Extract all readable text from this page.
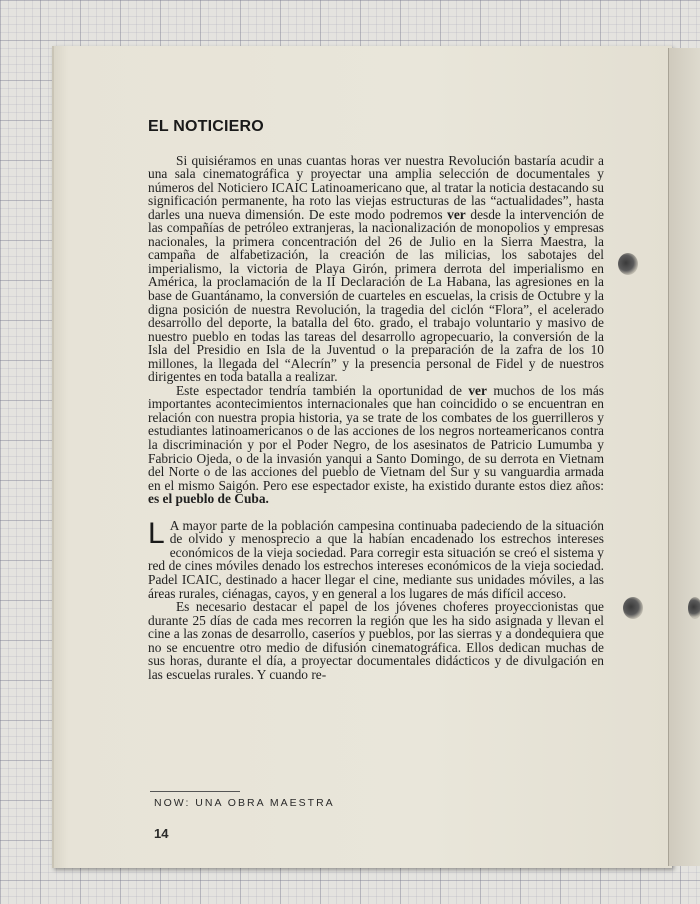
EL NOTICIERO

Si quisiéramos en unas cuantas horas ver nuestra Revolución bastaría acudir a una sala cinematográfica y proyectar una amplia selección de documentales y números del Noticiero ICAIC Latinoamericano que, al tratar la noticia destacando su significación permanente, ha roto las viejas estructuras de las “actualidades”, hasta darles una nueva dimensión. De este modo podremos ver desde la intervención de las compañías de petróleo extranjeras, la nacionalización de monopolios y empresas nacionales, la primera concentración del 26 de Julio en la Sierra Maestra, la campaña de alfabetización, la creación de las milicias, los sabotajes del imperialismo, la victoria de Playa Girón, primera derrota del imperialismo en América, la proclamación de la II Declaración de La Habana, las agresiones en la base de Guantánamo, la conversión de cuarteles en escuelas, la crisis de Octubre y la digna posición de nuestra Revolución, la tragedia del ciclón “Flora”, el acelerado desarrollo del deporte, la batalla del 6to. grado, el trabajo voluntario y masivo de nuestro pueblo en todas las tareas del desarrollo agropecuario, la conversión de la Isla del Presidio en Isla de la Juventud o la preparación de la zafra de los 10 millones, la llegada del “Alecrín” y la presencia personal de Fidel y de nuestros dirigentes en toda batalla a realizar.

Este espectador tendría también la oportunidad de ver muchos de los más importantes acontecimientos internacionales que han coincidido o se encuentran en relación con nuestra propia historia, ya se trate de los combates de los guerrilleros y estudiantes latinoamericanos o de las acciones de los negros norteamericanos contra la discriminación y por el Poder Negro, de los asesinatos de Patricio Lumumba y Fabricio Ojeda, o de la invasión yanqui a Santo Domingo, de su derrota en Vietnam del Norte o de las acciones del pueblo de Vietnam del Sur y su vanguardia armada en el mismo Saigón. Pero ese espectador existe, ha existido durante estos diez años: es el pueblo de Cuba.

L A mayor parte de la población campesina continuaba padeciendo de la situación de olvido y menosprecio a que la habían encadenado los estrechos intereses económicos de la vieja sociedad. Para corregir esta situación se creó el sistema y red de cines móviles denado los estrechos intereses económicos de la vieja sociedad. Padel ICAIC, destinado a hacer llegar el cine, mediante sus unidades móviles, a las áreas rurales, ciénagas, cayos, y en general a los lugares de más difícil acceso.

Es necesario destacar el papel de los jóvenes choferes proyeccionistas que durante 25 días de cada mes recorren la región que les ha sido asignada y llevan el cine a las zonas de desarrollo, caseríos y pueblos, por las sierras y a dondequiera que no se encuentre otro medio de difusión cinematográfica. Ellos dedican muchas de sus horas, durante el día, a proyectar documentales didácticos y de divulgación en las escuelas rurales. Y cuando re-

NOW: UNA OBRA MAESTRA
14
